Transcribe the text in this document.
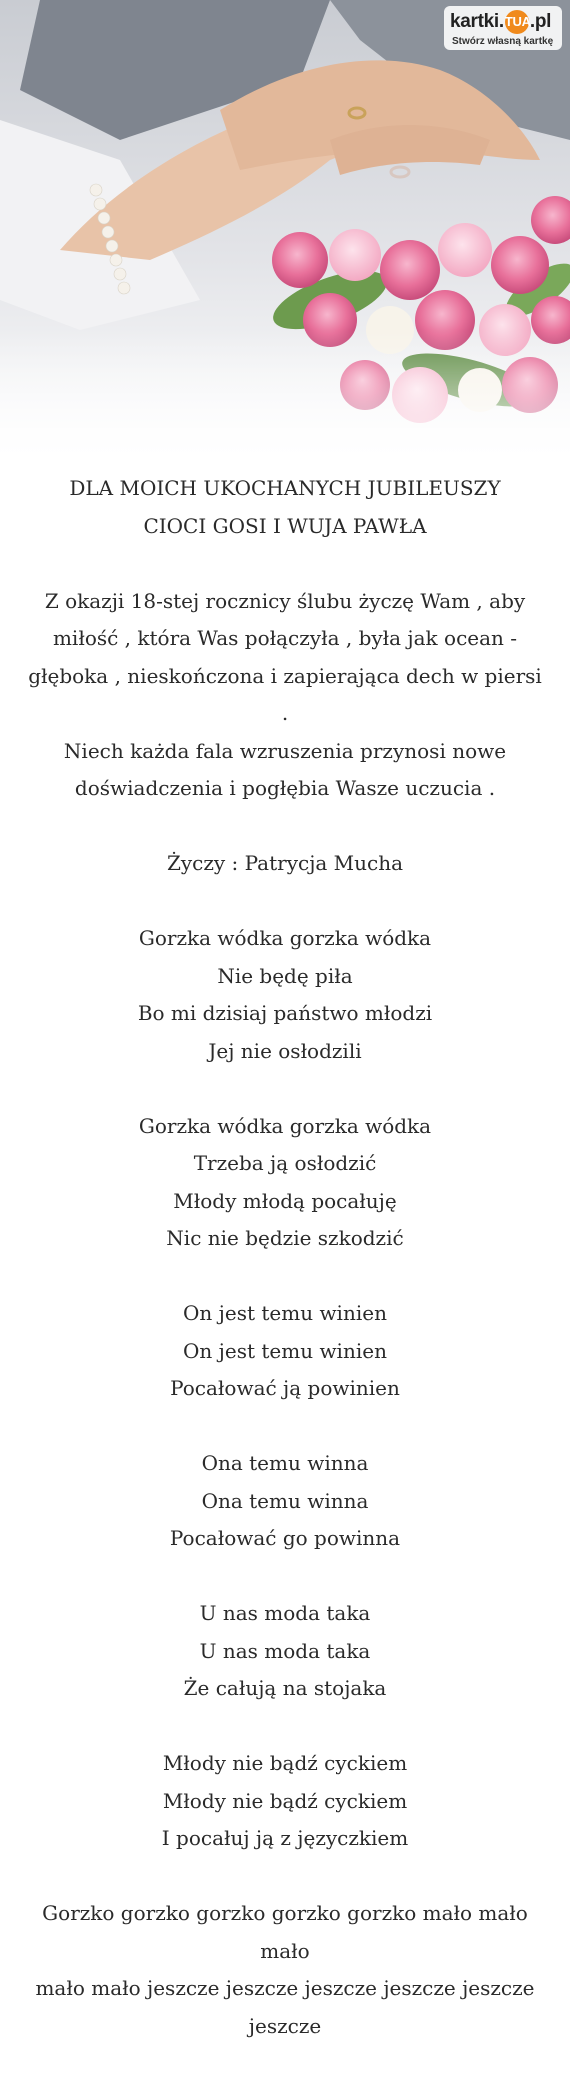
kartki.TUA.pl
Stwórz własną kartkę
DLA MOICH UKOCHANYCH JUBILEUSZY
CIOCI GOSI I WUJA PAWŁA
Z okazji 18-stej rocznicy ślubu życzę Wam , aby
miłość , która Was połączyła , była jak ocean -
głęboka , nieskończona i zapierająca dech w piersi .
Niech każda fala wzruszenia przynosi nowe
doświadczenia i pogłębia Wasze uczucia .
Życzy : Patrycja Mucha
Gorzka wódka gorzka wódka
Nie będę piła
Bo mi dzisiaj państwo młodzi
Jej nie osłodzili
Gorzka wódka gorzka wódka
Trzeba ją osłodzić
Młody młodą pocałuję
Nic nie będzie szkodzić
On jest temu winien
On jest temu winien
Pocałować ją powinien
Ona temu winna
Ona temu winna
Pocałować go powinna
U nas moda taka
U nas moda taka
Że całują na stojaka
Młody nie bądź cyckiem
Młody nie bądź cyckiem
I pocałuj ją z języczkiem
Gorzko gorzko gorzko gorzko gorzko mało mało
mało
mało mało jeszcze jeszcze jeszcze jeszcze jeszcze
jeszcze
